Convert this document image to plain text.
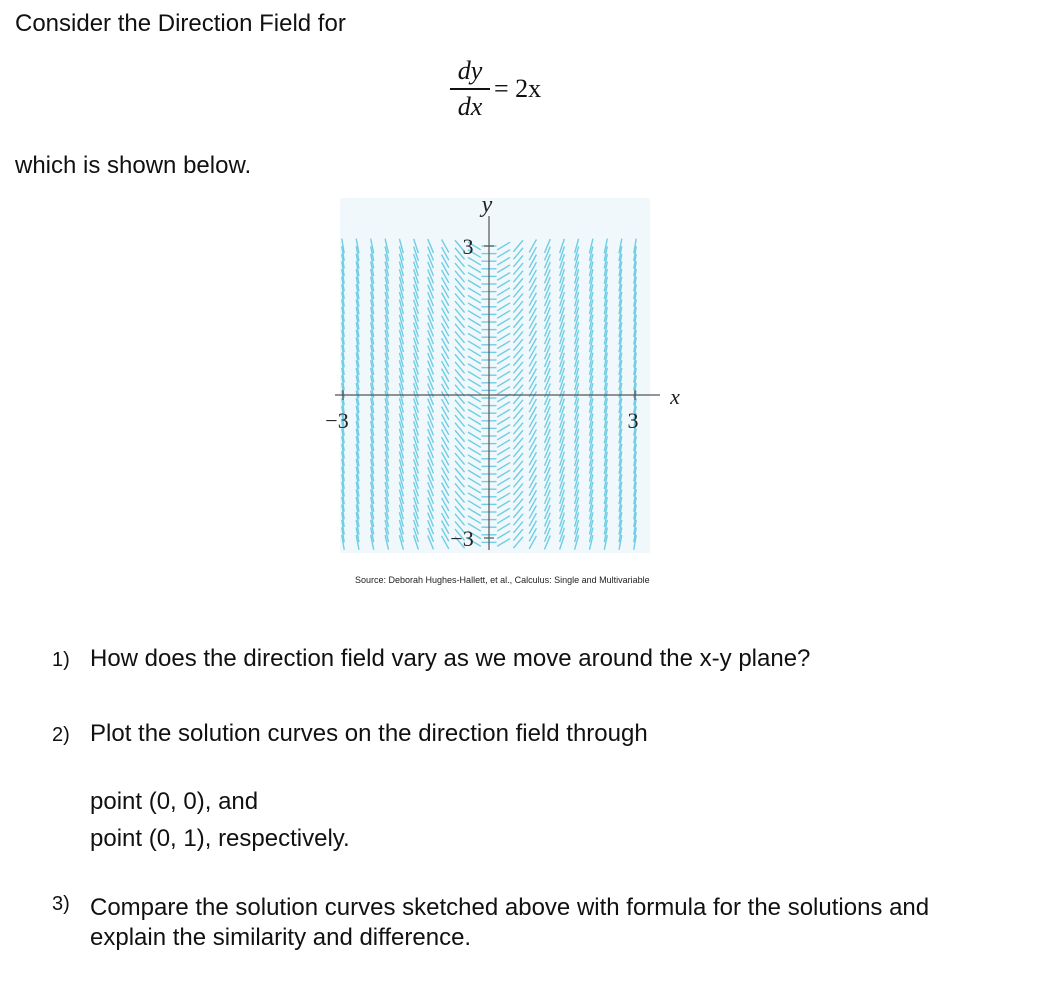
Consider the Direction Field for
dy
dx
= 2x
which is shown below.
y
x
3
−3
−3	3
Source: Deborah Hughes-Hallett, et al., Calculus: Single and Multivariable
1) How does the direction field vary as we move around the x-y plane?
2) Plot the solution curves on the direction field through
point (0, 0), and
point (0, 1), respectively.
3) Compare the solution curves sketched above with formula for the solutions and explain the similarity and difference.
